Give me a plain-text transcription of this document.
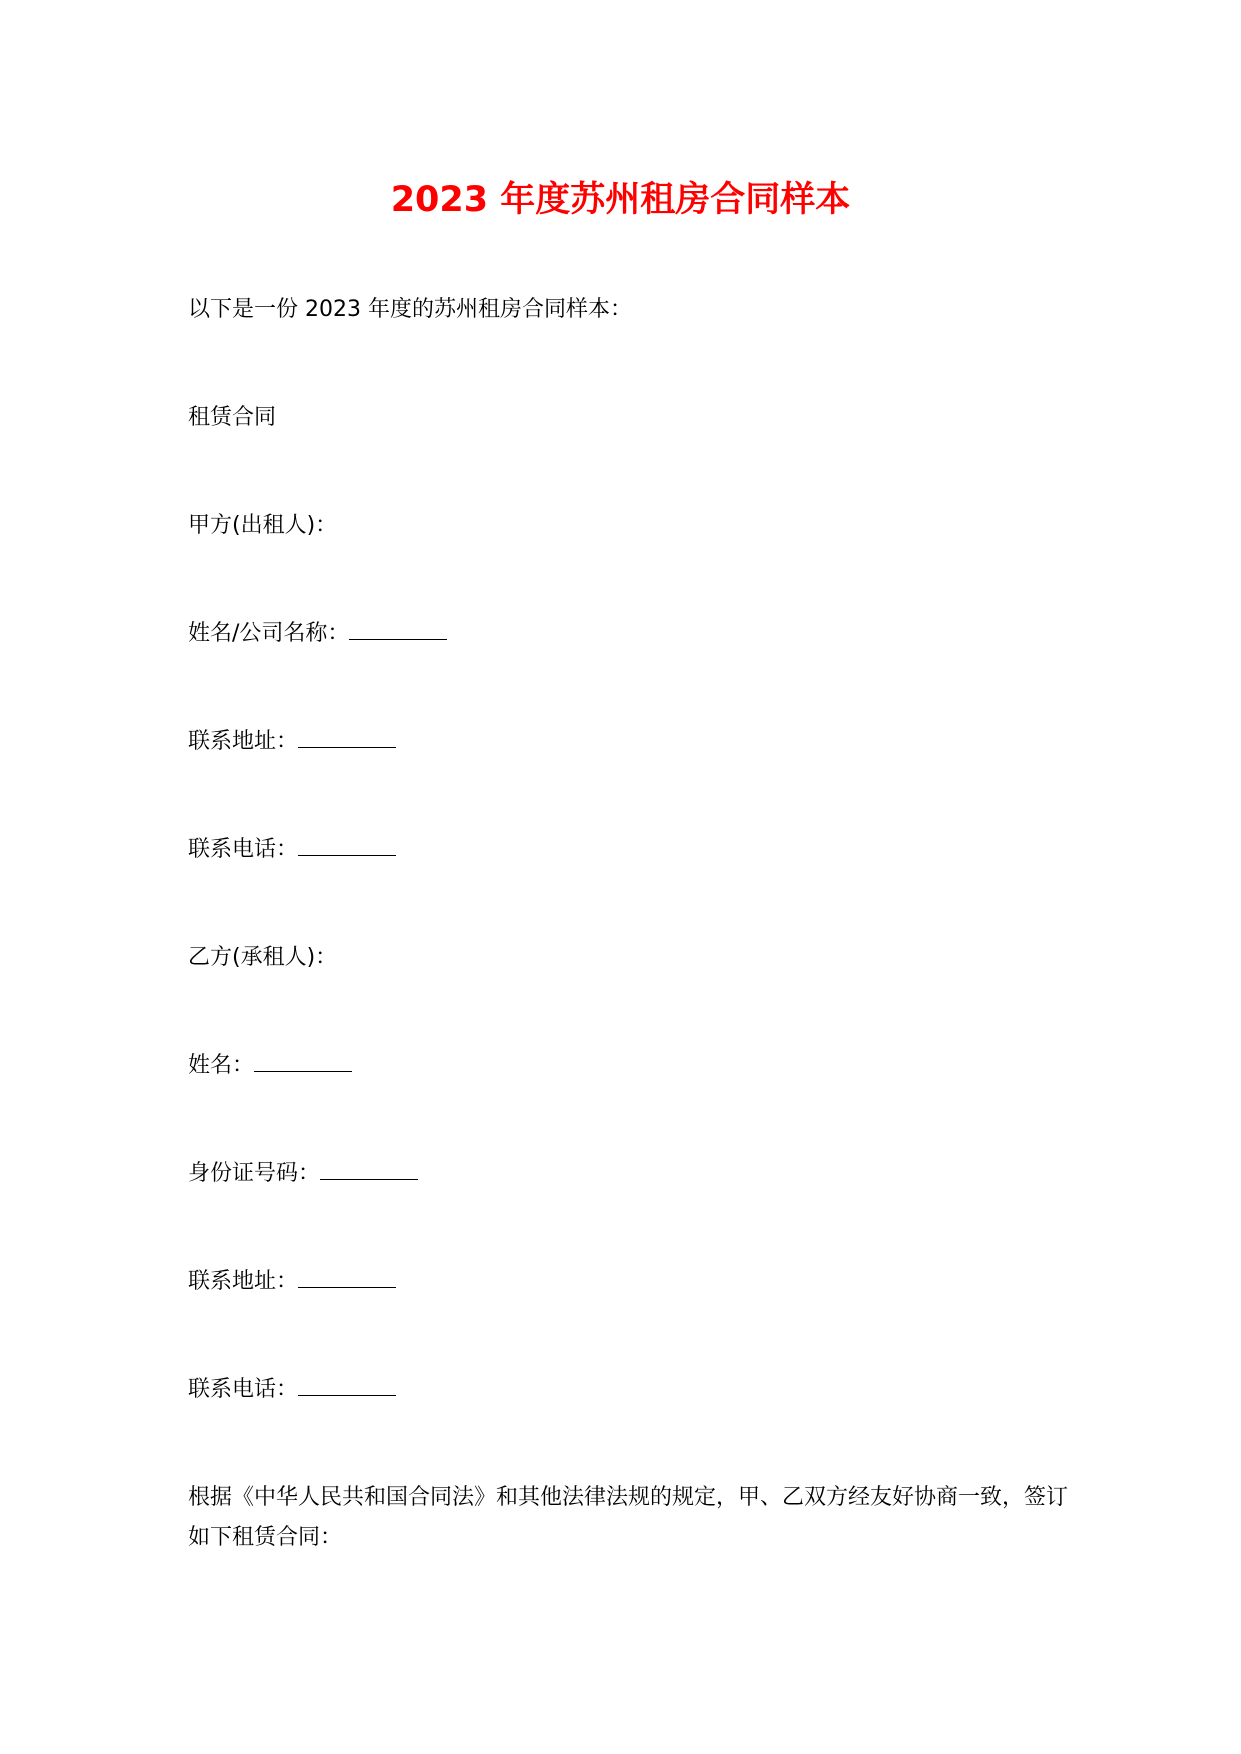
2023 年度苏州租房合同样本

以下是一份 2023 年度的苏州租房合同样本：

租赁合同

甲方(出租人)：

姓名/公司名称：

联系地址：

联系电话：

乙方(承租人)：

姓名：

身份证号码：

联系地址：

联系电话：

根据《中华人民共和国合同法》和其他法律法规的规定，甲、乙双方经友好协商一致，签订如下租赁合同：
